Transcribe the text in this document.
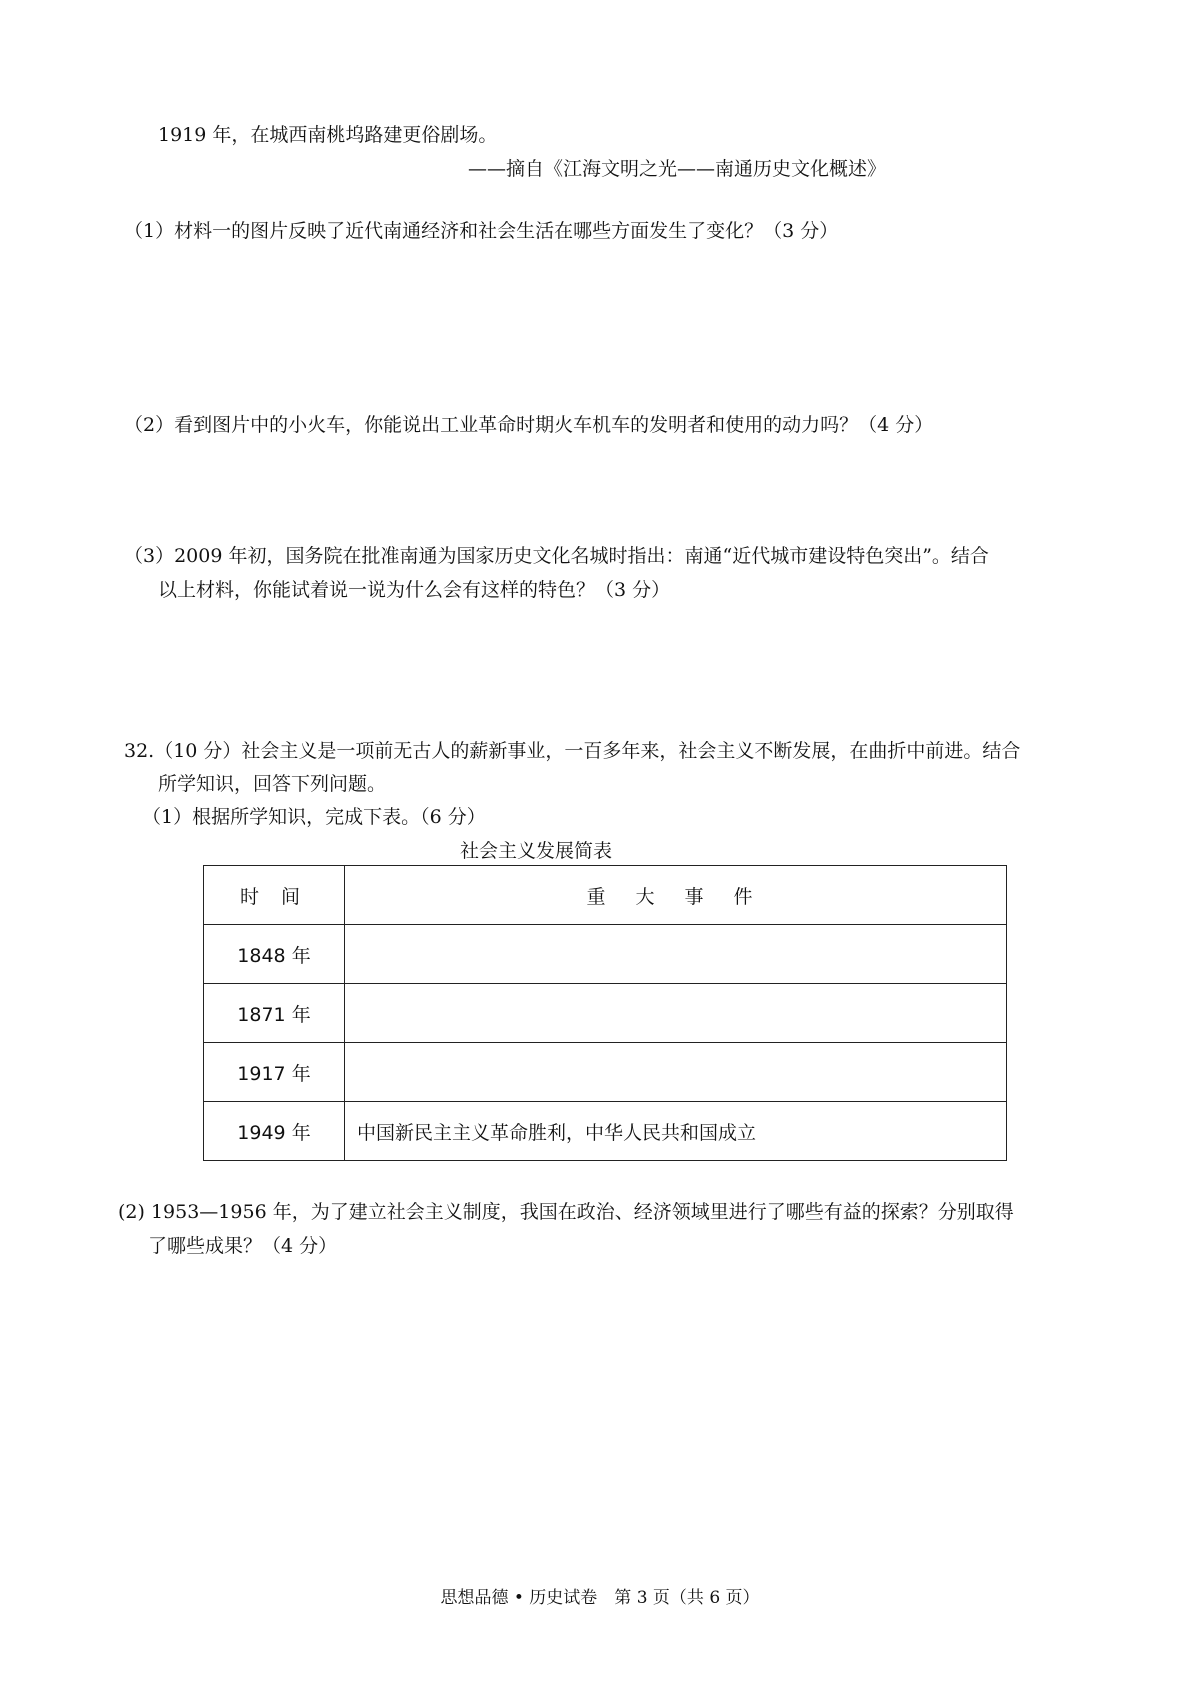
1919 年，在城西南桃坞路建更俗剧场。
——摘自《江海文明之光——南通历史文化概述》
（1）材料一的图片反映了近代南通经济和社会生活在哪些方面发生了变化？（3 分）
（2）看到图片中的小火车，你能说出工业革命时期火车机车的发明者和使用的动力吗？（4 分）
（3）2009 年初，国务院在批准南通为国家历史文化名城时指出：南通“近代城市建设特色突出”。结合
以上材料，你能试着说一说为什么会有这样的特色？（3 分）
32.（10 分）社会主义是一项前无古人的薪新事业，一百多年来，社会主义不断发展，在曲折中前进。结合
所学知识，回答下列问题。
（1）根据所学知识，完成下表。（6 分）
社会主义发展简表
时 间	重 大 事 件
1848 年	
1871 年	
1917 年	
1949 年	中国新民主主义革命胜利，中华人民共和国成立
(2) 1953—1956 年，为了建立社会主义制度，我国在政治、经济领域里进行了哪些有益的探索？分别取得
了哪些成果？（4 分）
思想品德 • 历史试卷　第 3 页（共 6 页）
